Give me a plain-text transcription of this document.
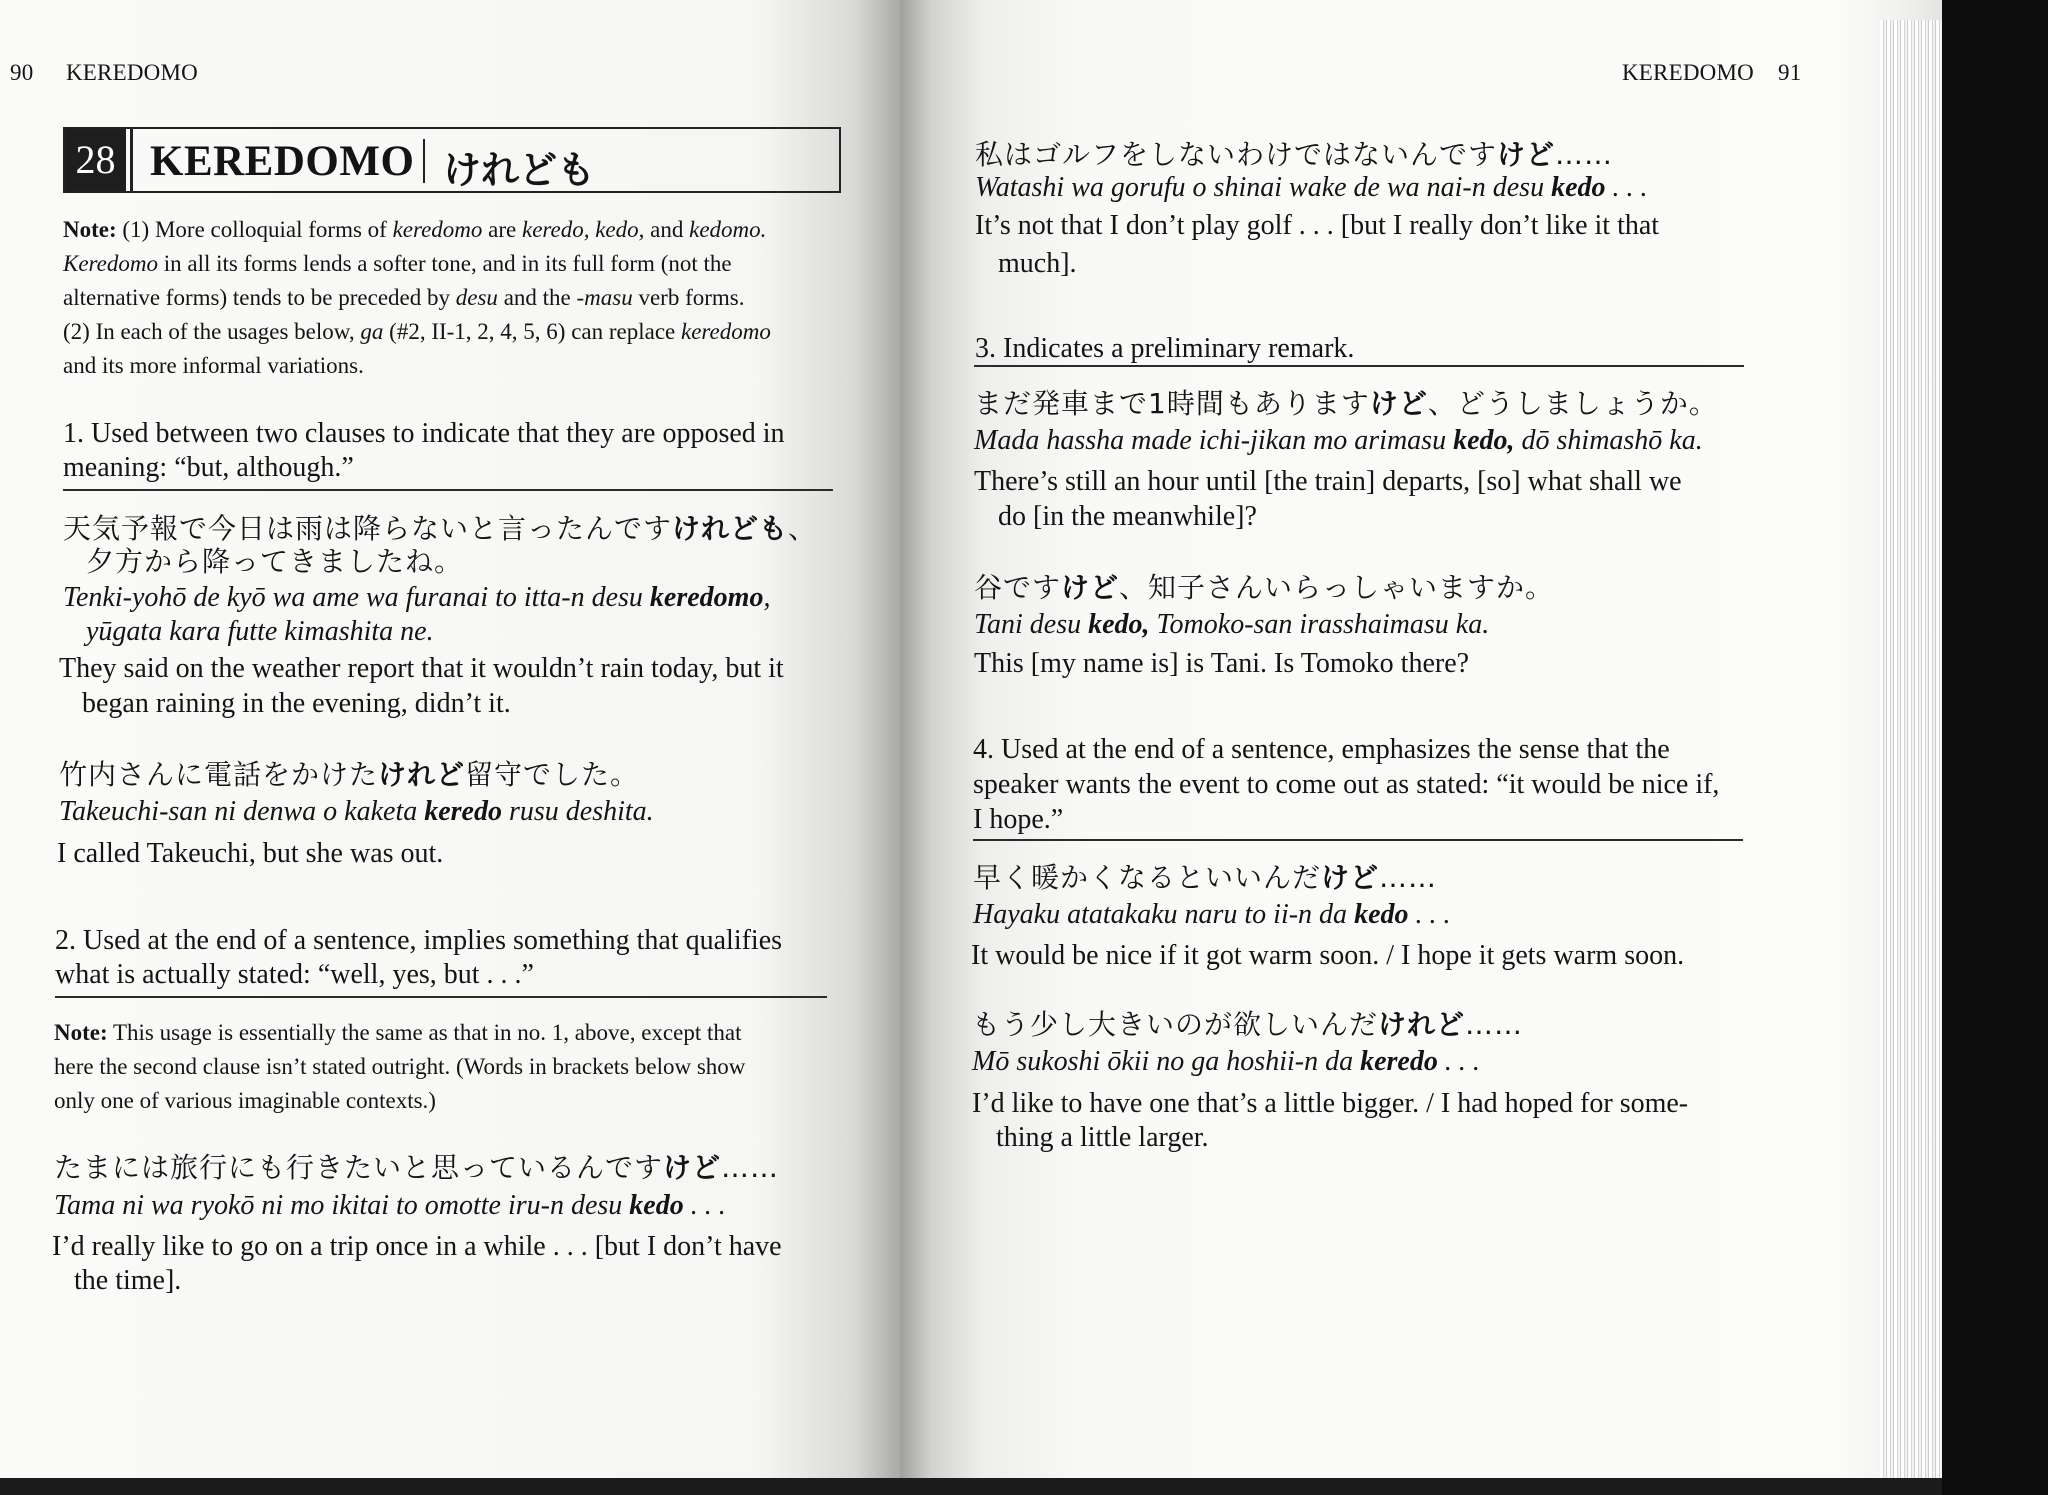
90 KEREDOMO
28 KEREDOMO けれども
Note: (1) More colloquial forms of keredomo are keredo, kedo, and kedomo.
Keredomo in all its forms lends a softer tone, and in its full form (not the
alternative forms) tends to be preceded by desu and the -masu verb forms.
(2) In each of the usages below, ga (#2, II-1, 2, 4, 5, 6) can replace keredomo
and its more informal variations.
1. Used between two clauses to indicate that they are opposed in
meaning: “but, although.”
天気予報で今日は雨は降らないと言ったんですけれども、
夕方から降ってきましたね。
Tenki-yohō de kyō wa ame wa furanai to itta-n desu keredomo,
yūgata kara futte kimashita ne.
They said on the weather report that it wouldn’t rain today, but it
began raining in the evening, didn’t it.
竹内さんに電話をかけたけれど留守でした。
Takeuchi-san ni denwa o kaketa keredo rusu deshita.
I called Takeuchi, but she was out.
2. Used at the end of a sentence, implies something that qualifies
what is actually stated: “well, yes, but . . .”
Note: This usage is essentially the same as that in no. 1, above, except that
here the second clause isn’t stated outright. (Words in brackets below show
only one of various imaginable contexts.)
たまには旅行にも行きたいと思っているんですけど……
Tama ni wa ryokō ni mo ikitai to omotte iru-n desu kedo . . .
I’d really like to go on a trip once in a while . . . [but I don’t have
the time].
KEREDOMO 91
私はゴルフをしないわけではないんですけど……
Watashi wa gorufu o shinai wake de wa nai-n desu kedo . . .
It’s not that I don’t play golf . . . [but I really don’t like it that
much].
3. Indicates a preliminary remark.
まだ発車まで1時間もありますけど、どうしましょうか。
Mada hassha made ichi-jikan mo arimasu kedo, dō shimashō ka.
There’s still an hour until [the train] departs, [so] what shall we
do [in the meanwhile]?
谷ですけど、知子さんいらっしゃいますか。
Tani desu kedo, Tomoko-san irasshaimasu ka.
This [my name is] is Tani. Is Tomoko there?
4. Used at the end of a sentence, emphasizes the sense that the
speaker wants the event to come out as stated: “it would be nice if,
I hope.”
早く暖かくなるといいんだけど……
Hayaku atatakaku naru to ii-n da kedo . . .
It would be nice if it got warm soon. / I hope it gets warm soon.
もう少し大きいのが欲しいんだけれど……
Mō sukoshi ōkii no ga hoshii-n da keredo . . .
I’d like to have one that’s a little bigger. / I had hoped for some-
thing a little larger.
